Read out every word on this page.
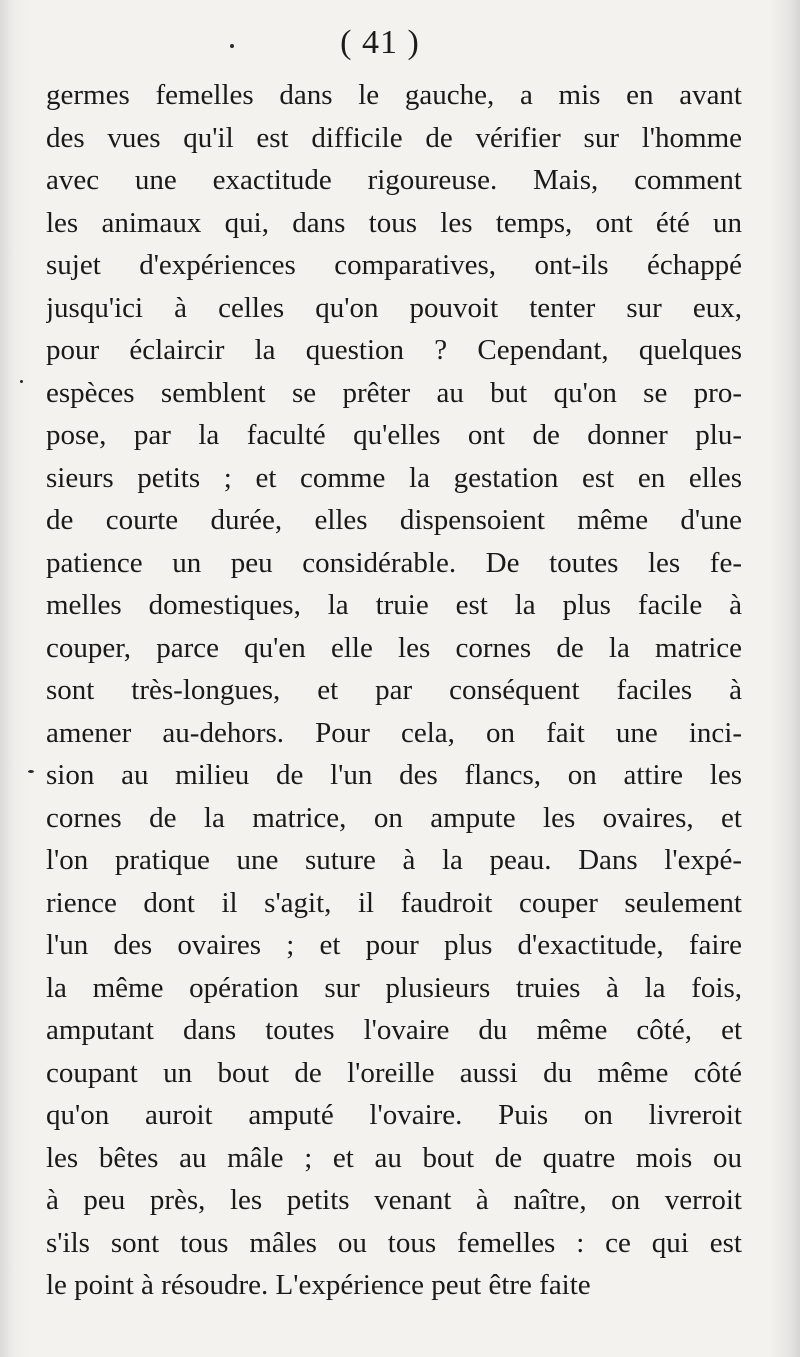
( 41 )
germes femelles dans le gauche, a mis en avant
des vues qu'il est difficile de vérifier sur l'homme
avec une exactitude rigoureuse. Mais, comment
les animaux qui, dans tous les temps, ont été un
sujet d'expériences comparatives, ont-ils échappé
jusqu'ici à celles qu'on pouvoit tenter sur eux,
pour éclaircir la question ? Cependant, quelques
espèces semblent se prêter au but qu'on se pro-
pose, par la faculté qu'elles ont de donner plu-
sieurs petits ; et comme la gestation est en elles
de courte durée, elles dispensoient même d'une
patience un peu considérable. De toutes les fe-
melles domestiques, la truie est la plus facile à
couper, parce qu'en elle les cornes de la matrice
sont très-longues, et par conséquent faciles à
amener au-dehors. Pour cela, on fait une inci-
sion au milieu de l'un des flancs, on attire les
cornes de la matrice, on ampute les ovaires, et
l'on pratique une suture à la peau. Dans l'expé-
rience dont il s'agit, il faudroit couper seulement
l'un des ovaires ; et pour plus d'exactitude, faire
la même opération sur plusieurs truies à la fois,
amputant dans toutes l'ovaire du même côté, et
coupant un bout de l'oreille aussi du même côté
qu'on auroit amputé l'ovaire. Puis on livreroit
les bêtes au mâle ; et au bout de quatre mois ou
à peu près, les petits venant à naître, on verroit
s'ils sont tous mâles ou tous femelles : ce qui est
le point à résoudre. L'expérience peut être faite
